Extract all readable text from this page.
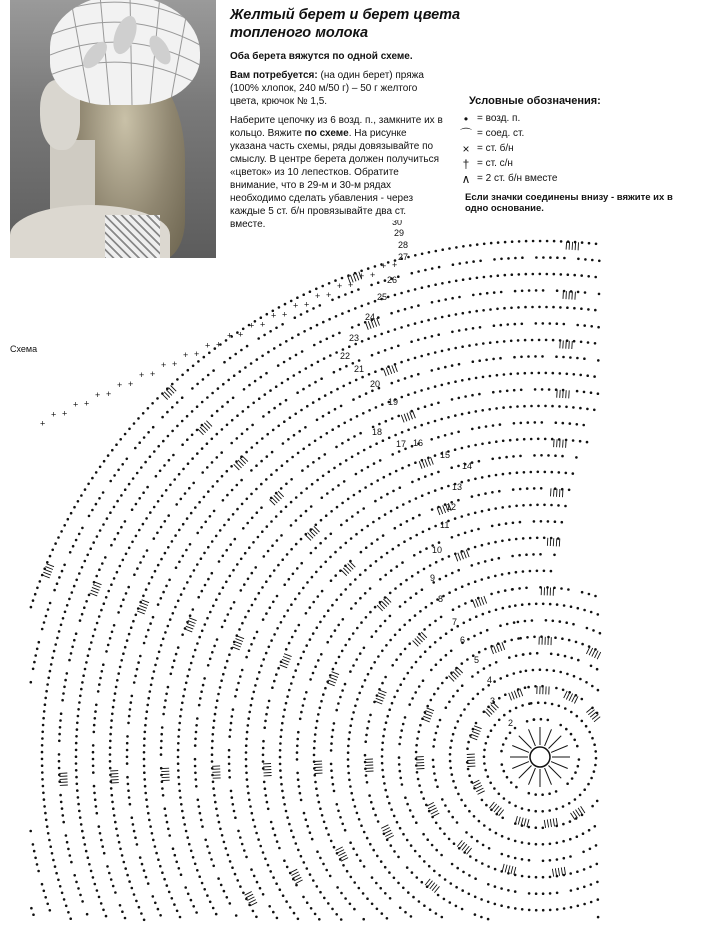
Желтый берет и берет цвета топленого молока

Оба берета вяжутся по одной схеме.

Вам потребуется: (на один берет) пряжа (100% хлопок, 240 м/50 г) – 50 г желтого цвета, крючок № 1,5.

Наберите цепочку из 6 возд. п., замкните их в кольцо. Вяжите по схеме. На рисунке указана часть схемы, ряды довязывайте по смыслу. В центре берета должен получиться «цветок» из 10 лепестков. Обратите внимание, что в 29-м и 30-м рядах необходимо сделать убавления - через каждые 5 ст. б/н провязывайте два ст. вместе.

Условные обозначения:
• = возд. п.
⌒ = соед. ст.
× = ст. б/н
† = ст. с/н
∧ = 2 ст. б/н вместе
Если значки соединены внизу - вяжите их в одно основание.
Схема
+
+ +
+ +
+ +
+ +
+ +
+ +
+ +
+ +
+ +
+ +
+ +
+ +
+ +
+ +
+ +
+ +
2
3
4
5
6
7
8
9
10
11
12
13
14
15
16
17
18
19
20
21
22
23
24
25
26
27
28
29
30
